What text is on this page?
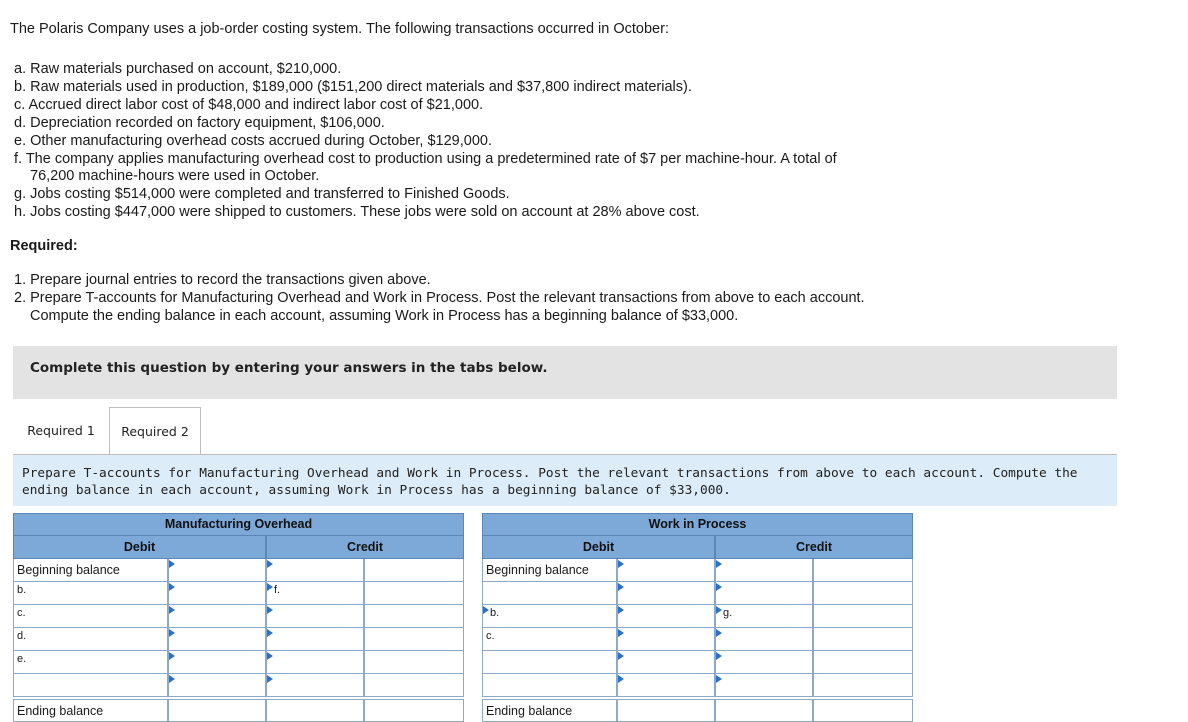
The Polaris Company uses a job-order costing system. The following transactions occurred in October:
a. Raw materials purchased on account, $210,000.
b. Raw materials used in production, $189,000 ($151,200 direct materials and $37,800 indirect materials).
c. Accrued direct labor cost of $48,000 and indirect labor cost of $21,000.
d. Depreciation recorded on factory equipment, $106,000.
e. Other manufacturing overhead costs accrued during October, $129,000.
f. The company applies manufacturing overhead cost to production using a predetermined rate of $7 per machine-hour. A total of
76,200 machine-hours were used in October.
g. Jobs costing $514,000 were completed and transferred to Finished Goods.
h. Jobs costing $447,000 were shipped to customers. These jobs were sold on account at 28% above cost.
Required:
1. Prepare journal entries to record the transactions given above.
2. Prepare T-accounts for Manufacturing Overhead and Work in Process. Post the relevant transactions from above to each account.
Compute the ending balance in each account, assuming Work in Process has a beginning balance of $33,000.
Complete this question by entering your answers in the tabs below.
Required 1	Required 2
Prepare T-accounts for Manufacturing Overhead and Work in Process. Post the relevant transactions from above to each account. Compute the ending balance in each account, assuming Work in Process has a beginning balance of $33,000.
Manufacturing Overhead
Debit	Credit
Beginning balance
b.	f.
c.
d.
e.
Ending balance
Work in Process
Debit	Credit
Beginning balance
b.	g.
c.
Ending balance
